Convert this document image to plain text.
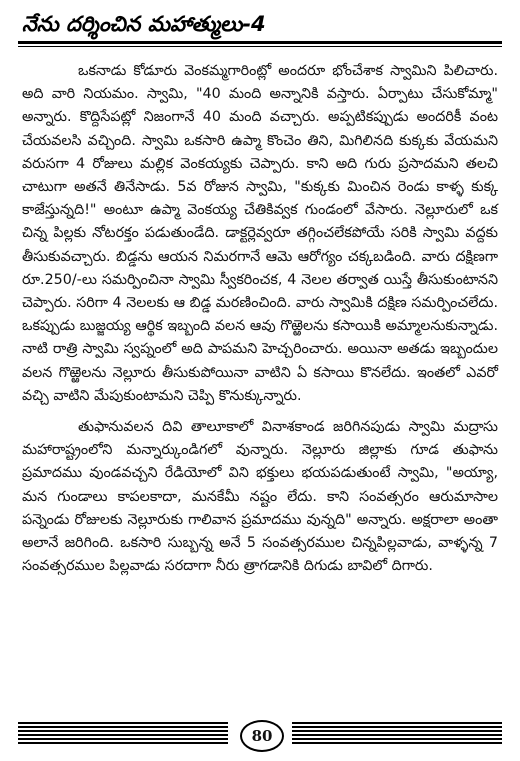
నేను దర్శించిన మహాత్ములు-4

ఒకనాడు కోడూరు వెంకమ్మగారింట్లో అందరూ భోంచేశాక స్వామిని పిలిచారు. అది వారి నియమం. స్వామి, "40 మంది అన్నానికి వస్తారు. ఏర్పాటు చేసుకోమ్మా" అన్నారు. కొద్దిసేపట్లో నిజంగానే 40 మంది వచ్చారు. అప్పటికప్పుడు అందరికీ వంట చేయవలసి వచ్చింది. స్వామి ఒకసారి ఉప్మా కొంచెం తిని, మిగిలినది కుక్కకు వేయమని వరుసగా 4 రోజులు మల్లిక వెంకయ్యకు చెప్పారు. కాని అది గురు ప్రసాదమని తలచి చాటుగా అతనే తినేసాడు. 5వ రోజున స్వామి, "కుక్కకు మించిన రెండు కాళ్ళ కుక్క కాజేస్తున్నది!" అంటూ ఉప్మా వెంకయ్య చేతికివ్వక గుండంలో వేసారు. నెల్లూరులో ఒక చిన్న పిల్లకు నోటరక్తం పడుతుండేది. డాక్టర్లెవ్వరూ తగ్గించలేకపోయే సరికి స్వామి వద్దకు తీసుకువచ్చారు. బిడ్డను ఆయన నిమరగానే ఆమె ఆరోగ్యం చక్కబడింది. వారు దక్షిణగా రూ.250/-లు సమర్పించినా స్వామి స్వీకరించక, 4 నెలల తర్వాత యిస్తే తీసుకుంటానని చెప్పారు. సరిగా 4 నెలలకు ఆ బిడ్డ మరణించింది. వారు స్వామికి దక్షిణ సమర్పించలేదు. ఒకప్పుడు బుజ్జయ్య ఆర్థిక ఇబ్బంది వలన ఆవు గొఱ్ఱెలను కసాయికి అమ్మాలనుకున్నాడు. నాటి రాత్రి స్వామి స్వప్నంలో అది పాపమని హెచ్చరించారు. అయినా అతడు ఇబ్బందుల వలన గొఱ్ఱెలను నెల్లూరు తీసుకుపోయినా వాటిని ఏ కసాయి కొనలేదు. ఇంతలో ఎవరో వచ్చి వాటిని మేపుకుంటామని చెప్పి కొనుక్కున్నారు.

తుఫానువలన దివి తాలూకాలో వినాశకాండ జరిగినపుడు స్వామి మద్రాసు మహారాష్ట్రంలోని మన్నార్కుండిగలో వున్నారు. నెల్లూరు జిల్లాకు గూడ తుఫాను ప్రమాదము వుండవచ్చని రేడియోలో విని భక్తులు భయపడుతుంటే స్వామి, "అయ్యా, మన గుండాలు కాపలకాదా, మనకేమీ నష్టం లేదు. కాని సంవత్సరం ఆరుమాసాల పన్నెండు రోజులకు నెల్లూరుకు గాలివాన ప్రమాదము వున్నది" అన్నారు. అక్షరాలా అంతా అలానే జరిగింది. ఒకసారి సుబ్బన్న అనే 5 సంవత్సరముల చిన్నపిల్లవాడు, వాళ్ళన్న 7 సంవత్సరముల పిల్లవాడు సరదాగా నీరు త్రాగడానికి దిగుడు బావిలో దిగారు.

80
